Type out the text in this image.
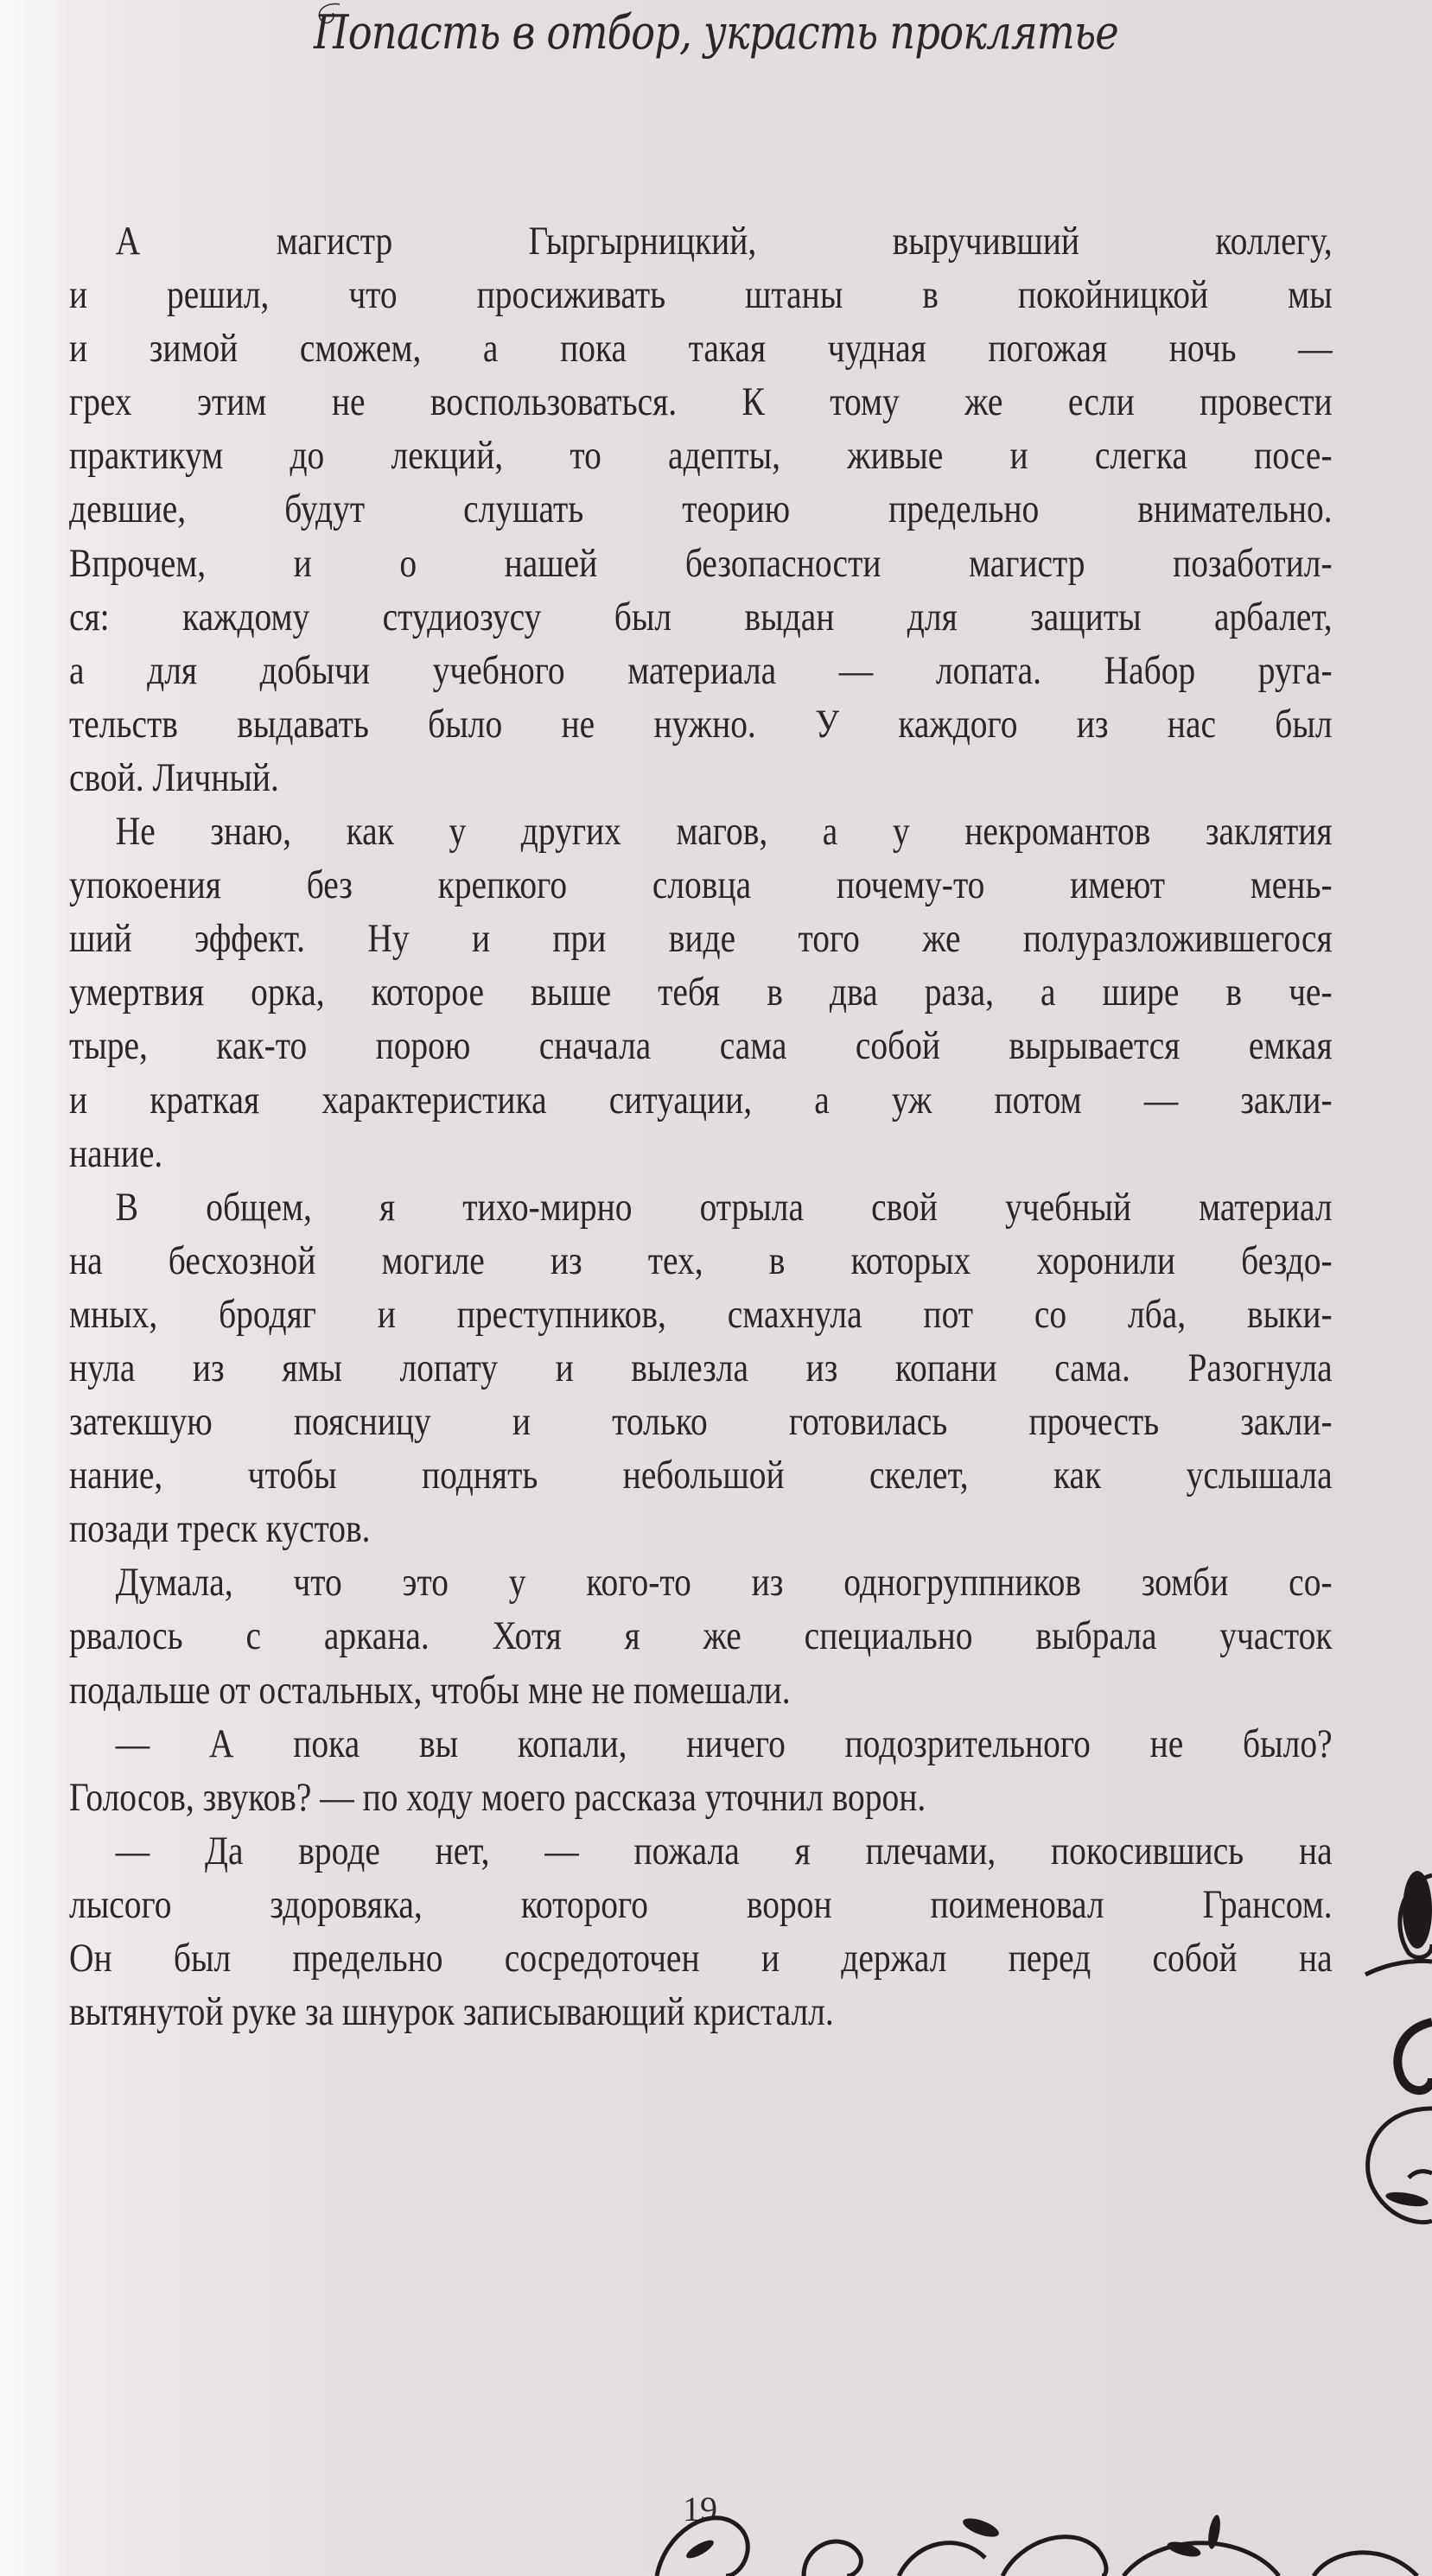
Попасть в отбор, украсть проклятье
А магистр Гыргырницкий, выручивший коллегу,
и решил, что просиживать штаны в покойницкой мы
и зимой сможем, а пока такая чудная погожая ночь —
грех этим не воспользоваться. К тому же если провести
практикум до лекций, то адепты, живые и слегка посе-
девшие, будут слушать теорию предельно внимательно.
Впрочем, и о нашей безопасности магистр позаботил-
ся: каждому студиозусу был выдан для защиты арбалет,
а для добычи учебного материала — лопата. Набор руга-
тельств выдавать было не нужно. У каждого из нас был
свой. Личный.
Не знаю, как у других магов, а у некромантов заклятия
упокоения без крепкого словца почему-то имеют мень-
ший эффект. Ну и при виде того же полуразложившегося
умертвия орка, которое выше тебя в два раза, а шире в че-
тыре, как-то порою сначала сама собой вырывается емкая
и краткая характеристика ситуации, а уж потом — закли-
нание.
В общем, я тихо-мирно отрыла свой учебный материал
на бесхозной могиле из тех, в которых хоронили бездо-
мных, бродяг и преступников, смахнула пот со лба, выки-
нула из ямы лопату и вылезла из копани сама. Разогнула
затекшую поясницу и только готовилась прочесть закли-
нание, чтобы поднять небольшой скелет, как услышала
позади треск кустов.
Думала, что это у кого-то из одногруппников зомби со-
рвалось с аркана. Хотя я же специально выбрала участок
подальше от остальных, чтобы мне не помешали.
— А пока вы копали, ничего подозрительного не было?
Голосов, звуков? — по ходу моего рассказа уточнил ворон.
— Да вроде нет, — пожала я плечами, покосившись на
лысого здоровяка, которого ворон поименовал Грансом.
Он был предельно сосредоточен и держал перед собой на
вытянутой руке за шнурок записывающий кристалл.
19
